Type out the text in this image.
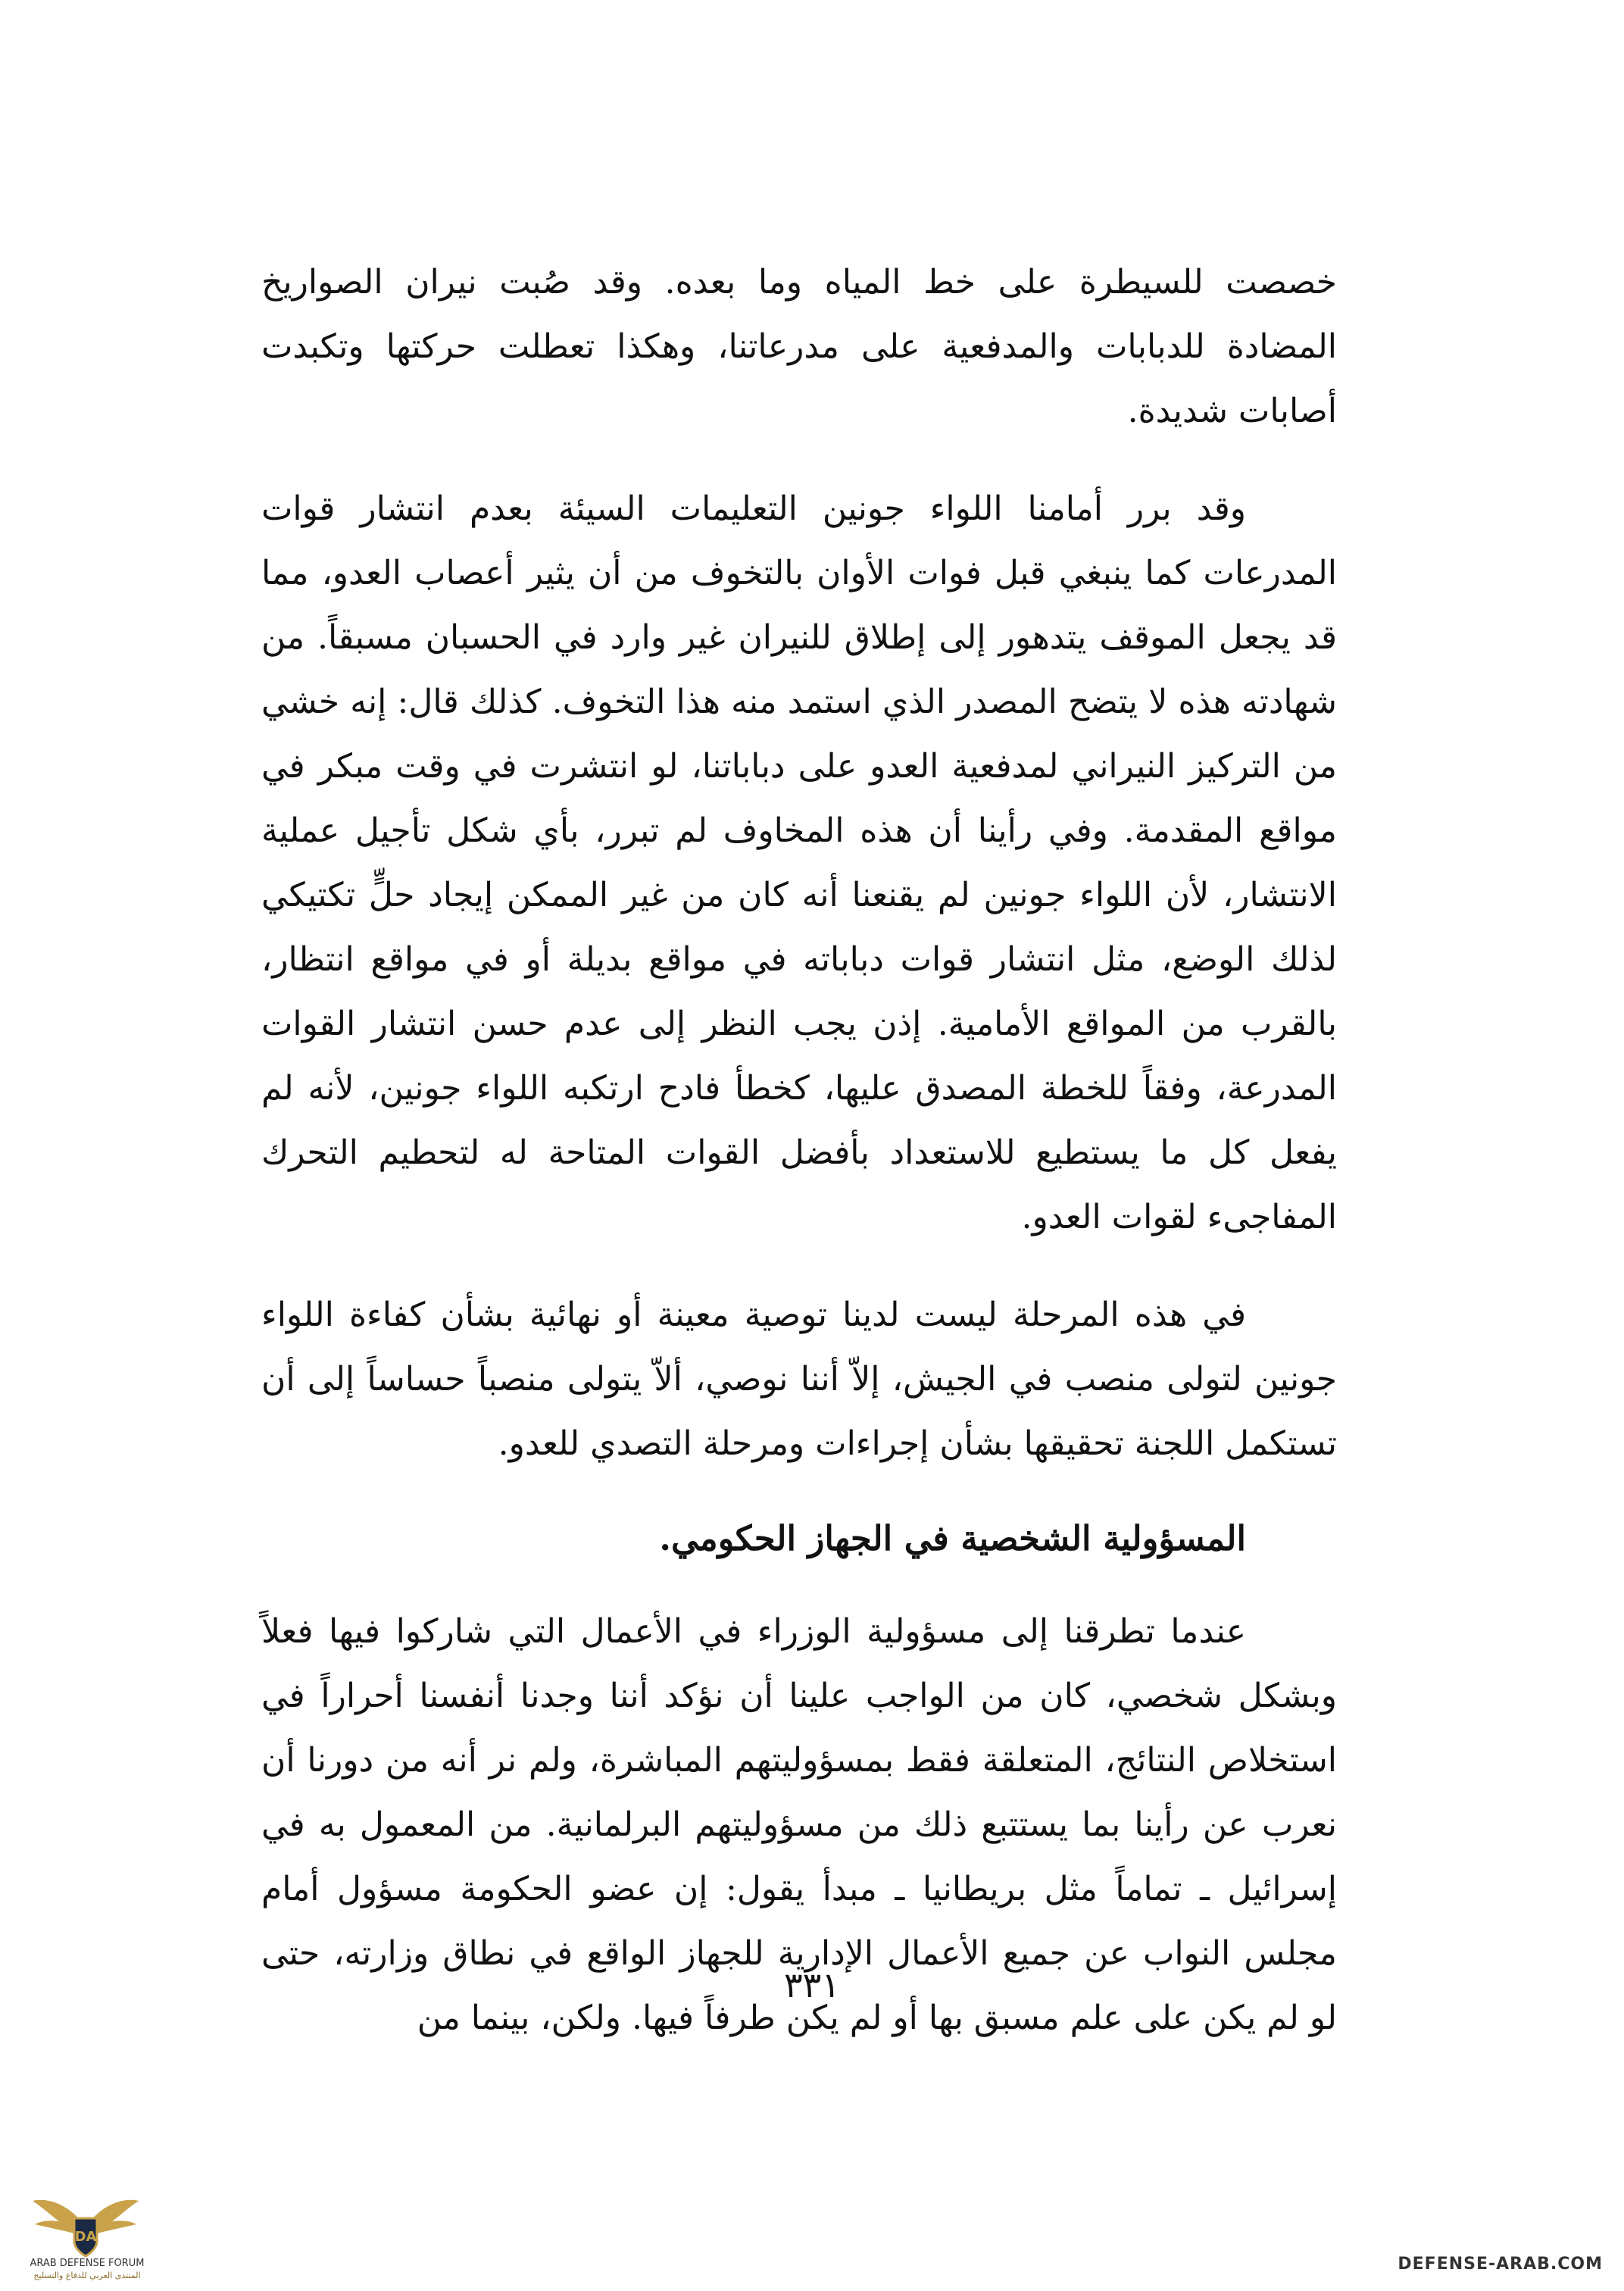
خصصت للسيطرة على خط المياه وما بعده. وقد صُبت نيران الصواريخ المضادة للدبابات والمدفعية على مدرعاتنا، وهكذا تعطلت حركتها وتكبدت أصابات شديدة.

وقد برر أمامنا اللواء جونين التعليمات السيئة بعدم انتشار قوات المدرعات كما ينبغي قبل فوات الأوان بالتخوف من أن يثير أعصاب العدو، مما قد يجعل الموقف يتدهور إلى إطلاق للنيران غير وارد في الحسبان مسبقاً. من شهادته هذه لا يتضح المصدر الذي استمد منه هذا التخوف. كذلك قال: إنه خشي من التركيز النيراني لمدفعية العدو على دباباتنا، لو انتشرت في وقت مبكر في مواقع المقدمة. وفي رأينا أن هذه المخاوف لم تبرر، بأي شكل تأجيل عملية الانتشار، لأن اللواء جونين لم يقنعنا أنه كان من غير الممكن إيجاد حلٍّ تكتيكي لذلك الوضع، مثل انتشار قوات دباباته في مواقع بديلة أو في مواقع انتظار، بالقرب من المواقع الأمامية. إذن يجب النظر إلى عدم حسن انتشار القوات المدرعة، وفقاً للخطة المصدق عليها، كخطأ فادح ارتكبه اللواء جونين، لأنه لم يفعل كل ما يستطيع للاستعداد بأفضل القوات المتاحة له لتحطيم التحرك المفاجىء لقوات العدو.

في هذه المرحلة ليست لدينا توصية معينة أو نهائية بشأن كفاءة اللواء جونين لتولى منصب في الجيش، إلاّ أننا نوصي، ألاّ يتولى منصباً حساساً إلى أن تستكمل اللجنة تحقيقها بشأن إجراءات ومرحلة التصدي للعدو.

المسؤولية الشخصية في الجهاز الحكومي.

عندما تطرقنا إلى مسؤولية الوزراء في الأعمال التي شاركوا فيها فعلاً وبشكل شخصي، كان من الواجب علينا أن نؤكد أننا وجدنا أنفسنا أحراراً في استخلاص النتائج، المتعلقة فقط بمسؤوليتهم المباشرة، ولم نر أنه من دورنا أن نعرب عن رأينا بما يستتبع ذلك من مسؤوليتهم البرلمانية. من المعمول به في إسرائيل ـ تماماً مثل بريطانيا ـ مبدأ يقول: إن عضو الحكومة مسؤول أمام مجلس النواب عن جميع الأعمال الإدارية للجهاز الواقع في نطاق وزارته، حتى لو لم يكن على علم مسبق بها أو لم يكن طرفاً فيها. ولكن، بينما من

٣٣١
DA
ARAB DEFENSE FORUM
المنتدى العربي للدفاع والتسليح
DEFENSE-ARAB.COM
